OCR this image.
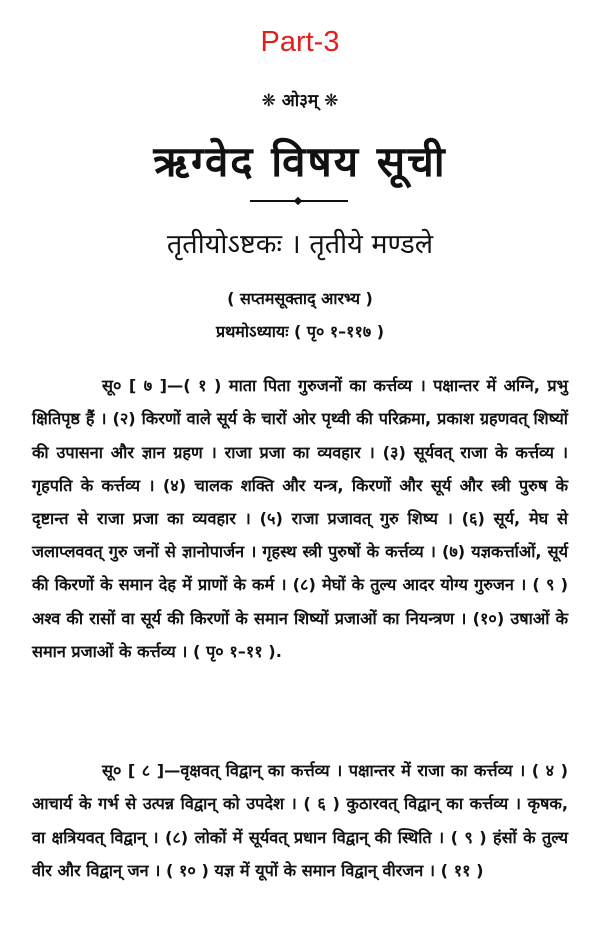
Part-3
❋ ओ३म् ❋
ऋग्वेद विषय सूची
तृतीयोऽष्टकः । तृतीये मण्डले
( सप्तमसूक्ताद् आरभ्य )
प्रथमोऽध्यायः ( पृ० १–११७ )

सू० [ ७ ]—( १ ) माता पिता गुरुजनों का कर्त्तव्य । पक्षान्तर में अग्नि, प्रभु क्षितिपृष्ठ हैं । (२) किरणों वाले सूर्य के चारों ओर पृथ्वी की परिक्रमा, प्रकाश ग्रहणवत् शिष्यों की उपासना और ज्ञान ग्रहण । राजा प्रजा का व्यवहार । (३) सूर्यवत् राजा के कर्त्तव्य । गृहपति के कर्त्तव्य । (४) चालक शक्ति और यन्त्र, किरणों और सूर्य और स्त्री पुरुष के दृष्टान्त से राजा प्रजा का व्यवहार । (५) राजा प्रजावत् गुरु शिष्य । (६) सूर्य, मेघ से जलाप्लववत् गुरु जनों से ज्ञानोपार्जन । गृहस्थ स्त्री पुरुषों के कर्त्तव्य । (७) यज्ञकर्त्ताओं, सूर्य की किरणों के समान देह में प्राणों के कर्म । (८) मेघों के तुल्य आदर योग्य गुरुजन । ( ९ ) अश्व की रासों वा सूर्य की किरणों के समान शिष्यों प्रजाओं का नियन्त्रण । (१०) उषाओं के समान प्रजाओं के कर्त्तव्य । ( पृ० १–११ ).

सू० [ ८ ]—वृक्षवत् विद्वान् का कर्त्तव्य । पक्षान्तर में राजा का कर्त्तव्य । ( ४ ) आचार्य के गर्भ से उत्पन्न विद्वान् को उपदेश । ( ६ ) कुठारवत् विद्वान् का कर्त्तव्य । कृषक, वा क्षत्रियवत् विद्वान् । (८) लोकों में सूर्यवत् प्रधान विद्वान् की स्थिति । ( ९ ) हंसों के तुल्य वीर और विद्वान् जन । ( १० ) यज्ञ में यूपों के समान विद्वान् वीरजन । ( ११ )
